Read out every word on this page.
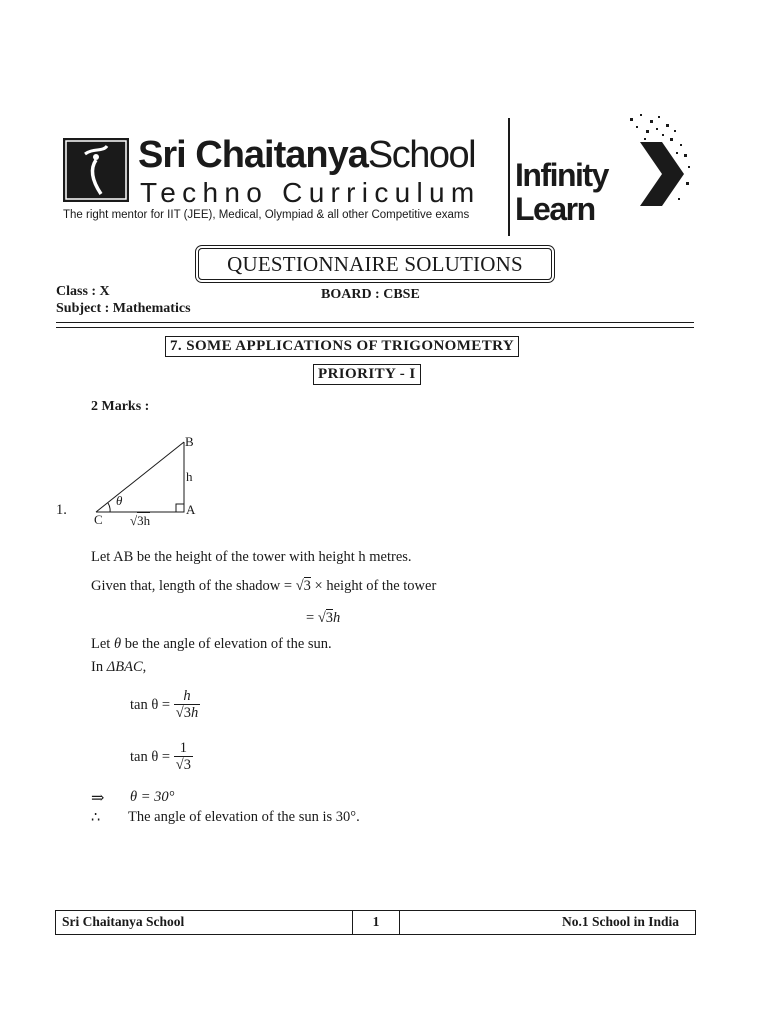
Sri ChaitanyaSchool
Techno Curriculum
The right mentor for IIT (JEE), Medical, Olympiad & all other Competitive exams
Infinity
Learn
QUESTIONNAIRE SOLUTIONS
Class : X
Subject : Mathematics
BOARD : CBSE
7. SOME APPLICATIONS OF TRIGONOMETRY
PRIORITY - I
2 Marks :
1.
B
h
A
C
θ
√3h
Let AB be the height of the tower with height h metres.
Given that, length of the shadow = √3 × height of the tower
= √3h
Let θ be the angle of elevation of the sun.
In ΔBAC,
$\tan \theta = \frac{h}{√3h}$
$\tan \theta = \frac{1}{√3}$
⇒ θ = 30°
∴ The angle of elevation of the sun is 30°.
Sri Chaitanya School	1	No.1 School in India
